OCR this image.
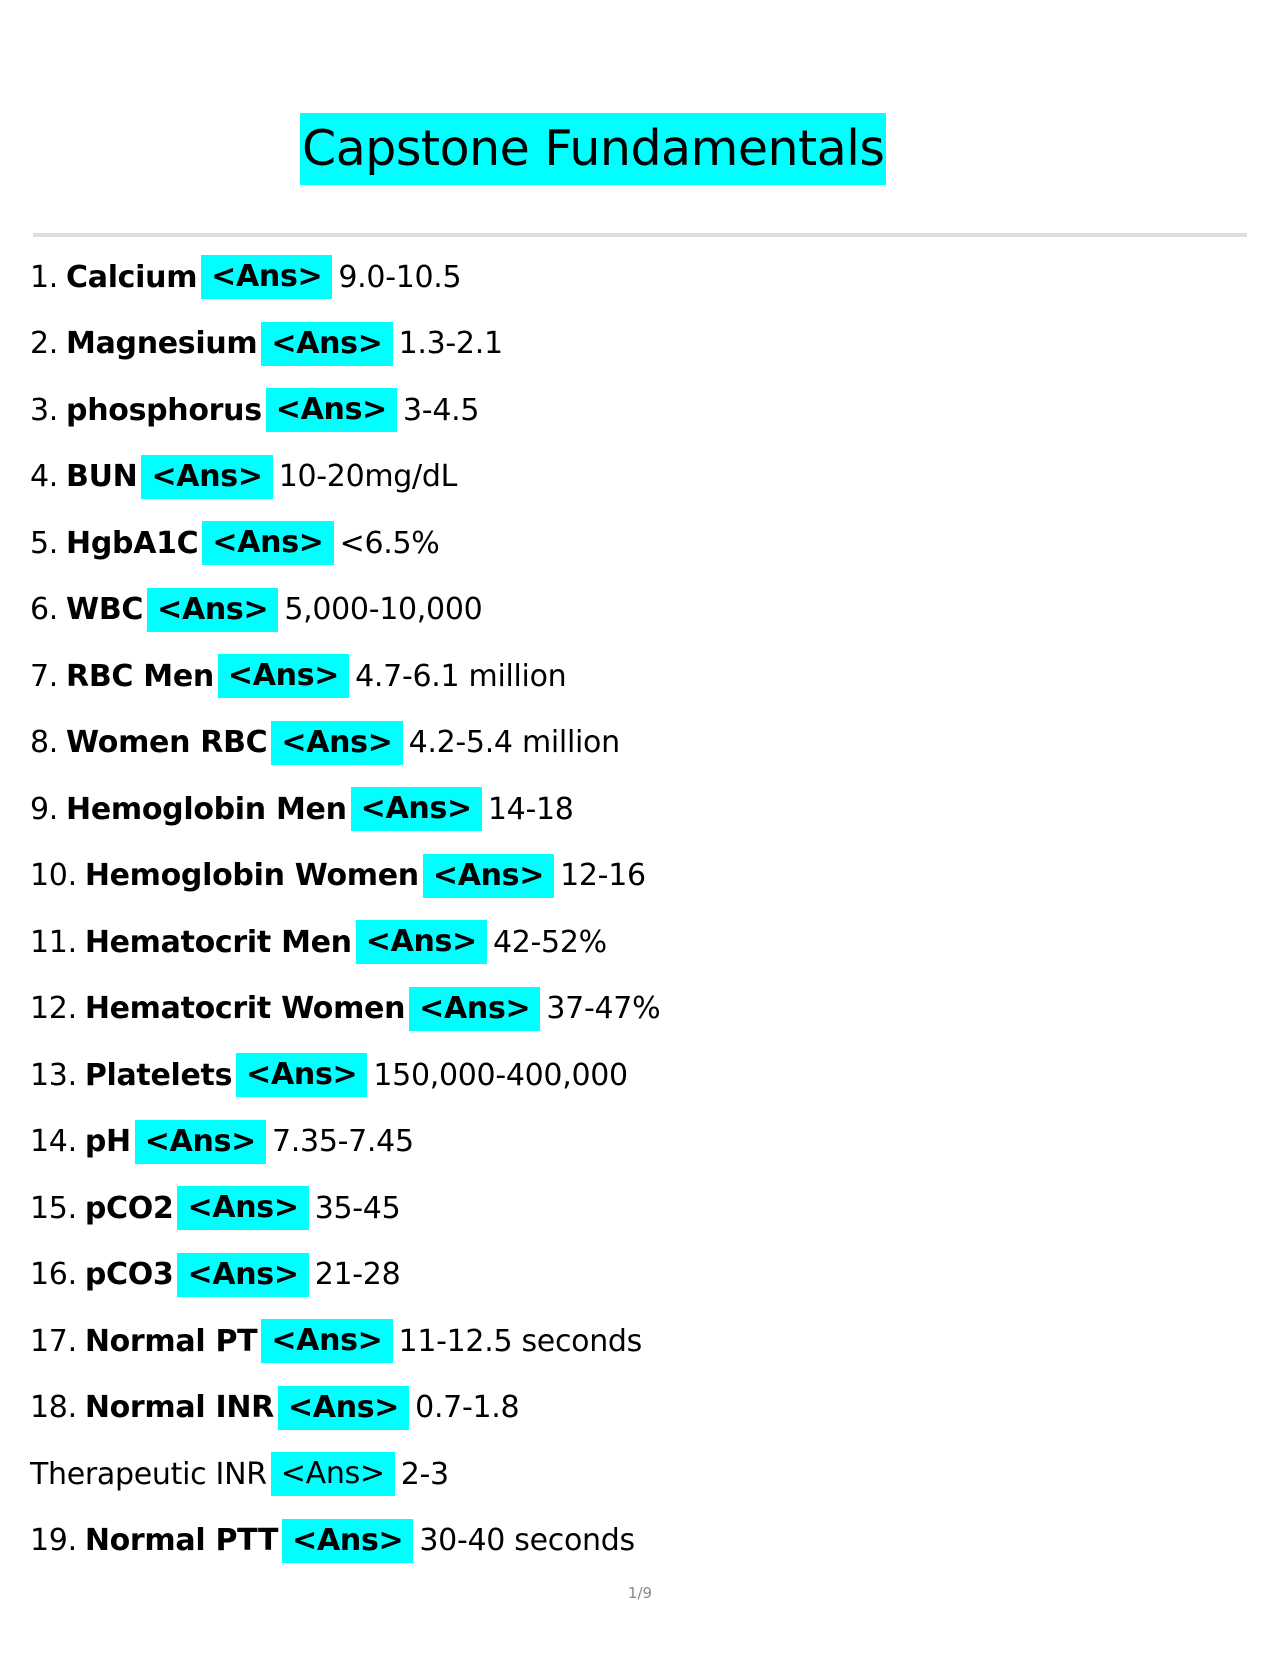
Capstone Fundamentals
1. Calcium <Ans> 9.0-10.5
2. Magnesium <Ans> 1.3-2.1
3. phosphorus <Ans> 3-4.5
4. BUN <Ans> 10-20mg/dL
5. HgbA1C <Ans> <6.5%
6. WBC <Ans> 5,000-10,000
7. RBC Men <Ans> 4.7-6.1 million
8. Women RBC <Ans> 4.2-5.4 million
9. Hemoglobin Men <Ans> 14-18
10. Hemoglobin Women <Ans> 12-16
11. Hematocrit Men <Ans> 42-52%
12. Hematocrit Women <Ans> 37-47%
13. Platelets <Ans> 150,000-400,000
14. pH <Ans> 7.35-7.45
15. pCO2 <Ans> 35-45
16. pCO3 <Ans> 21-28
17. Normal PT <Ans> 11-12.5 seconds
18. Normal INR <Ans> 0.7-1.8
Therapeutic INR <Ans> 2-3
19. Normal PTT <Ans> 30-40 seconds
1/9
